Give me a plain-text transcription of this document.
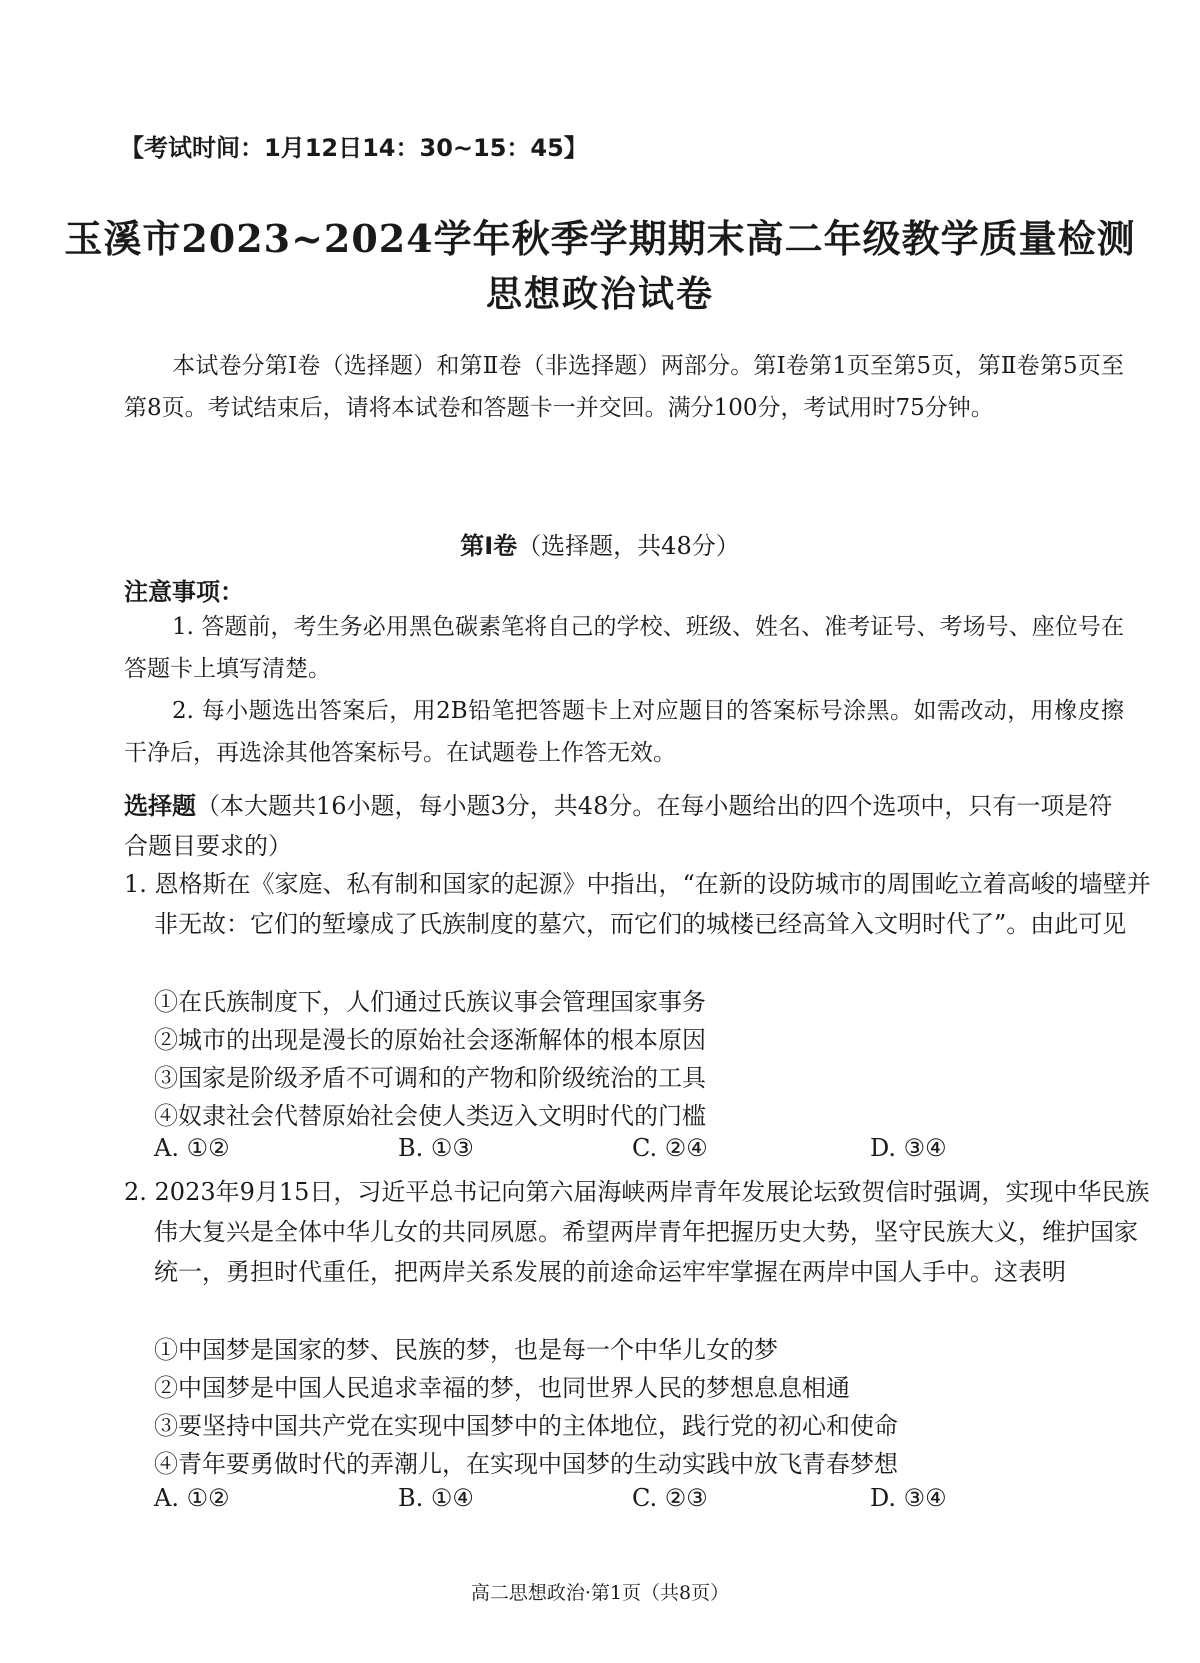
【考试时间：1月12日14：30~15：45】
玉溪市2023~2024学年秋季学期期末高二年级教学质量检测
思想政治试卷
本试卷分第Ⅰ卷（选择题）和第Ⅱ卷（非选择题）两部分。第Ⅰ卷第1页至第5页，第Ⅱ卷第5页至第8页。考试结束后，请将本试卷和答题卡一并交回。满分100分，考试用时75分钟。
第Ⅰ卷（选择题，共48分）
注意事项：
1. 答题前，考生务必用黑色碳素笔将自己的学校、班级、姓名、准考证号、考场号、座位号在答题卡上填写清楚。
2. 每小题选出答案后，用2B铅笔把答题卡上对应题目的答案标号涂黑。如需改动，用橡皮擦干净后，再选涂其他答案标号。在试题卷上作答无效。
选择题（本大题共16小题，每小题3分，共48分。在每小题给出的四个选项中，只有一项是符合题目要求的）
1. 恩格斯在《家庭、私有制和国家的起源》中指出，“在新的设防城市的周围屹立着高峻的墙壁并非无故：它们的堑壕成了氏族制度的墓穴，而它们的城楼已经高耸入文明时代了”。由此可见
①在氏族制度下，人们通过氏族议事会管理国家事务
②城市的出现是漫长的原始社会逐渐解体的根本原因
③国家是阶级矛盾不可调和的产物和阶级统治的工具
④奴隶社会代替原始社会使人类迈入文明时代的门槛
A. ①②	B. ①③	C. ②④	D. ③④
2. 2023年9月15日，习近平总书记向第六届海峡两岸青年发展论坛致贺信时强调，实现中华民族伟大复兴是全体中华儿女的共同夙愿。希望两岸青年把握历史大势，坚守民族大义，维护国家统一，勇担时代重任，把两岸关系发展的前途命运牢牢掌握在两岸中国人手中。这表明
①中国梦是国家的梦、民族的梦，也是每一个中华儿女的梦
②中国梦是中国人民追求幸福的梦，也同世界人民的梦想息息相通
③要坚持中国共产党在实现中国梦中的主体地位，践行党的初心和使命
④青年要勇做时代的弄潮儿，在实现中国梦的生动实践中放飞青春梦想
A. ①②	B. ①④	C. ②③	D. ③④
高二思想政治·第1页（共8页）
